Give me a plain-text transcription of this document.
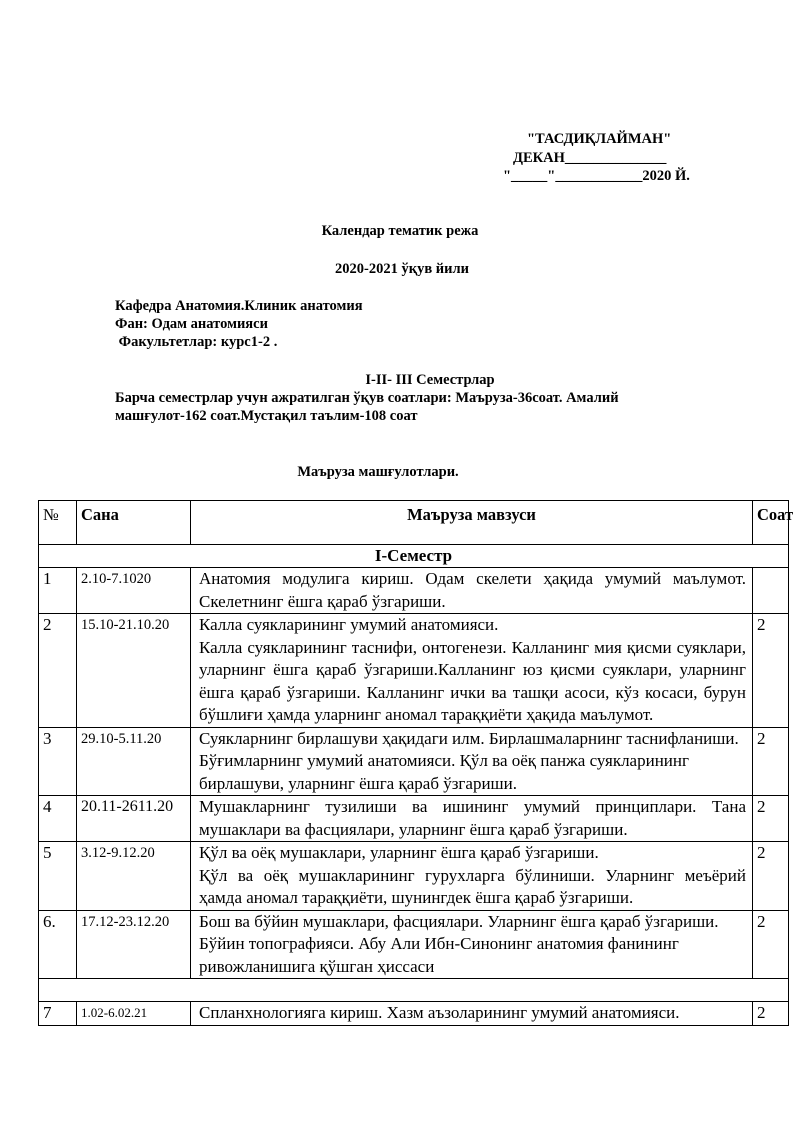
"ТАСДИҚЛАЙМАН"
ДЕКАН______________
"_____"____________2020 Й.
Календар тематик режа
2020-2021 ўқув йили
Кафедра Анатомия.Клиник анатомия
Фан: Одам анатомияси
Факультетлар: курс1-2 .
I-II- III Семестрлар
Барча семестрлар учун ажратилган ўқув соатлари: Маъруза-36соат. Амалий машғулот-162 соат.Мустақил таълим-108 соат
Маъруза машғулотлари.
№	Сана	Маъруза мавзуси	Соат
I-Семестр			
1	2.10-7.1020	Анатомия модулига кириш. Одам скелети ҳақида умумий маълумот. Скелетнинг ёшга қараб ўзгариши.	
2	15.10-21.10.20	Калла суякларининг умумий анатомияси.
Калла суякларининг таснифи, онтогенези. Калланинг мия қисми суяклари, уларнинг ёшга қараб ўзгариши.Калланинг юз қисми суяклари, уларнинг ёшга қараб ўзгариши. Калланинг ички ва ташқи асоси, кўз косаси, бурун бўшлиғи ҳамда уларнинг аномал тараққиёти ҳақида маълумот.	2
3	29.10-5.11.20	Суякларнинг бирлашуви ҳақидаги илм. Бирлашмаларнинг таснифланиши. Бўғимларнинг умумий анатомияси. Қўл ва оёқ панжа суякларининг бирлашуви, уларнинг ёшга қараб ўзгариши.	2
4	20.11-2611.20	Мушакларнинг тузилиши ва ишининг умумий принциплари. Тана мушаклари ва фасциялари, уларнинг ёшга қараб ўзгариши.	2
5	3.12-9.12.20	Қўл ва оёқ мушаклари, уларнинг ёшга қараб ўзгариши.
Қўл ва оёқ мушакларининг гурухларга бўлиниши. Уларнинг меъёрий ҳамда аномал тараққиёти, шунингдек ёшга қараб ўзгариши.	2
6.	17.12-23.12.20	Бош ва бўйин мушаклари, фасциялари. Уларнинг ёшга қараб ўзгариши. Бўйин топографияси. Абу Али Ибн-Синонинг анатомия фанининг ривожланишига қўшган ҳиссаси	2

7	1.02-6.02.21	Спланхнологияга кириш. Хазм аъзоларининг умумий анатомияси.	2
